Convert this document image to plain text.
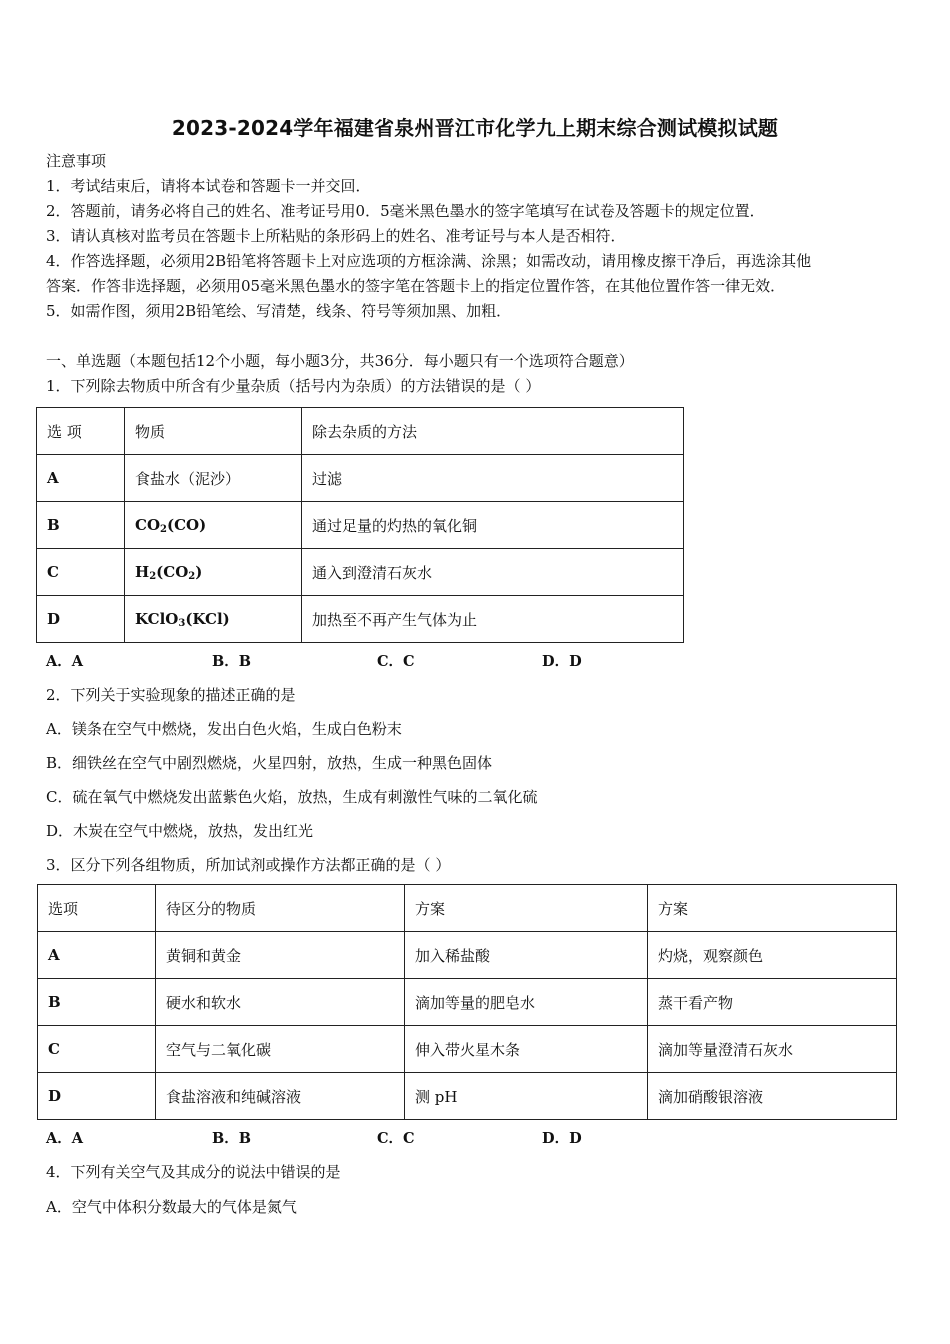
2023-2024学年福建省泉州晋江市化学九上期末综合测试模拟试题
注意事项
1．考试结束后，请将本试卷和答题卡一并交回．
2．答题前，请务必将自己的姓名、准考证号用0．5毫米黑色墨水的签字笔填写在试卷及答题卡的规定位置．
3．请认真核对监考员在答题卡上所粘贴的条形码上的姓名、准考证号与本人是否相符．
4．作答选择题，必须用2B铅笔将答题卡上对应选项的方框涂满、涂黑；如需改动，请用橡皮擦干净后，再选涂其他
答案．作答非选择题，必须用05毫米黑色墨水的签字笔在答题卡上的指定位置作答，在其他位置作答一律无效．
5．如需作图，须用2B铅笔绘、写清楚，线条、符号等须加黑、加粗．
一、单选题（本题包括12个小题，每小题3分，共36分．每小题只有一个选项符合题意）
1．下列除去物质中所含有少量杂质（括号内为杂质）的方法错误的是（ ）
选 项	物质	除去杂质的方法
A	食盐水（泥沙）	过滤
B	$CO_2(CO)$	通过足量的灼热的氧化铜
C	$H_2(CO_2)$	通入到澄清石灰水
D	KClO$_3$(KCl)	加热至不再产生气体为止
A．A	B．B	C．C	D．D
2．下列关于实验现象的描述正确的是
A．镁条在空气中燃烧，发出白色火焰，生成白色粉末
B．细铁丝在空气中剧烈燃烧，火星四射，放热，生成一种黑色固体
C．硫在氧气中燃烧发出蓝紫色火焰，放热，生成有刺激性气味的二氧化硫
D．木炭在空气中燃烧，放热，发出红光
3．区分下列各组物质，所加试剂或操作方法都正确的是（ ）
选项	待区分的物质	方案	方案
A	黄铜和黄金	加入稀盐酸	灼烧，观察颜色
B	硬水和软水	滴加等量的肥皂水	蒸干看产物
C	空气与二氧化碳	伸入带火星木条	滴加等量澄清石灰水
D	食盐溶液和纯碱溶液	测 pH	滴加硝酸银溶液
A．A	B．B	C．C	D．D
4．下列有关空气及其成分的说法中错误的是
A．空气中体积分数最大的气体是氮气
